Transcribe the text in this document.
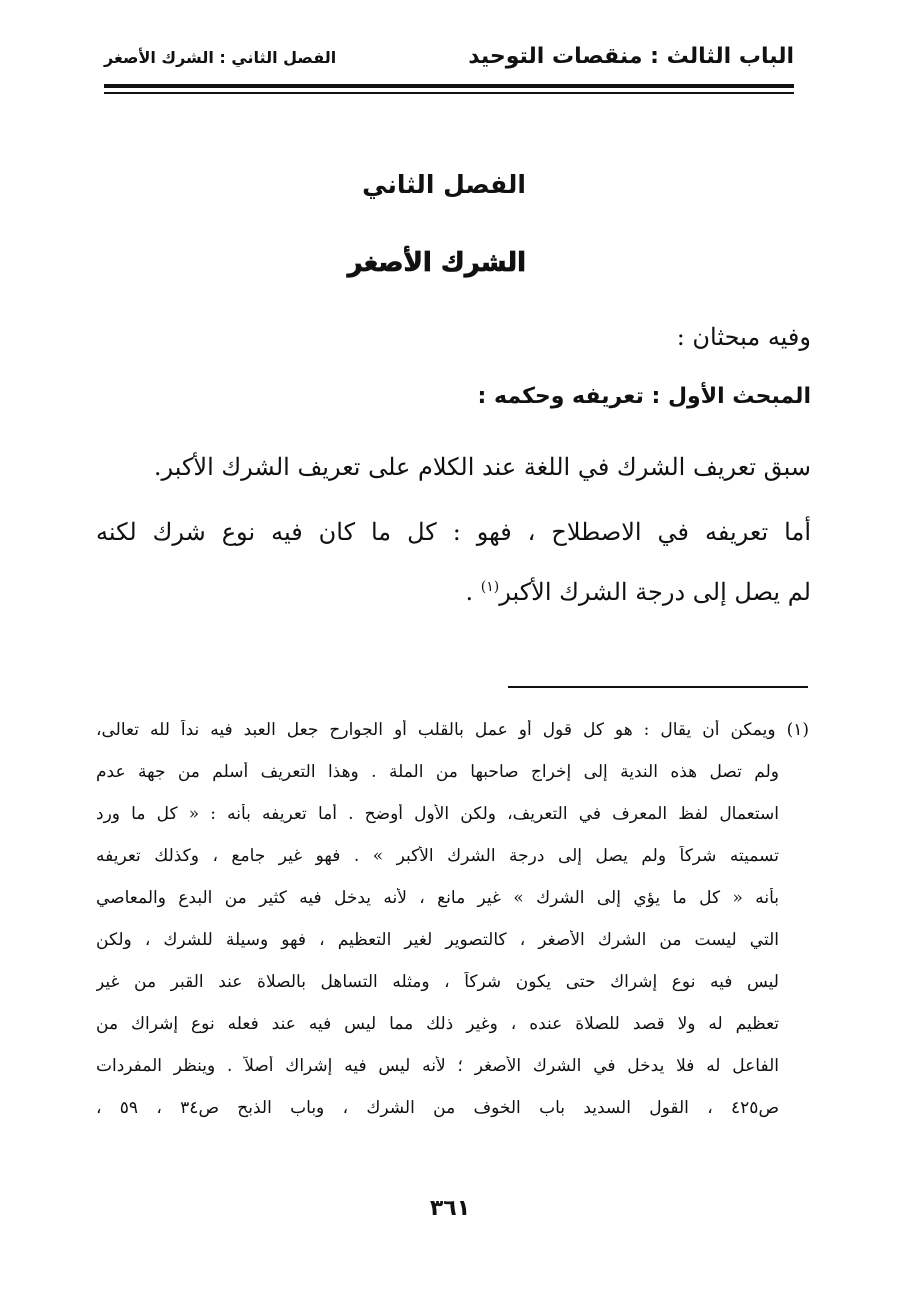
الباب الثالث : منقصات التوحيد
الفصل الثاني : الشرك الأصغر
الفصل الثاني
الشرك الأصغر
وفيه مبحثان :
المبحث الأول : تعريفه وحكمه :
سبق تعريف الشرك في اللغة عند الكلام على تعريف الشرك الأكبر.
أما تعريفه في الاصطلاح ، فهو : كل ما كان فيه نوع شرك لكنه
لم يصل إلى درجة الشرك الأكبر$^{(١)}$ .
(١) ويمكن أن يقال : هو كل قول أو عمل بالقلب أو الجوارح جعل العبد فيه نداً لله تعالى،
ولم تصل هذه الندية إلى إخراج صاحبها من الملة . وهذا التعريف أسلم من جهة عدم
استعمال لفظ المعرف في التعريف، ولكن الأول أوضح . أما تعريفه بأنه : « كل ما ورد
تسميته شركاً ولم يصل إلى درجة الشرك الأكبر » . فهو غير جامع ، وكذلك تعريفه
بأنه « كل ما يؤي إلى الشرك » غير مانع ، لأنه يدخل فيه كثير من البدع والمعاصي
التي ليست من الشرك الأصغر ، كالتصوير لغير التعظيم ، فهو وسيلة للشرك ، ولكن
ليس فيه نوع إشراك حتى يكون شركاً ، ومثله التساهل بالصلاة عند القبر من غير
تعظيم له ولا قصد للصلاة عنده ، وغير ذلك مما ليس فيه عند فعله نوع إشراك من
الفاعل له فلا يدخل في الشرك الأصغر ؛ لأنه ليس فيه إشراك أصلاً . وينظر المفردات
ص٤٢٥ ، القول السديد باب الخوف من الشرك ، وباب الذبح ص٣٤ ، ٥٩ ،
٣٦١
